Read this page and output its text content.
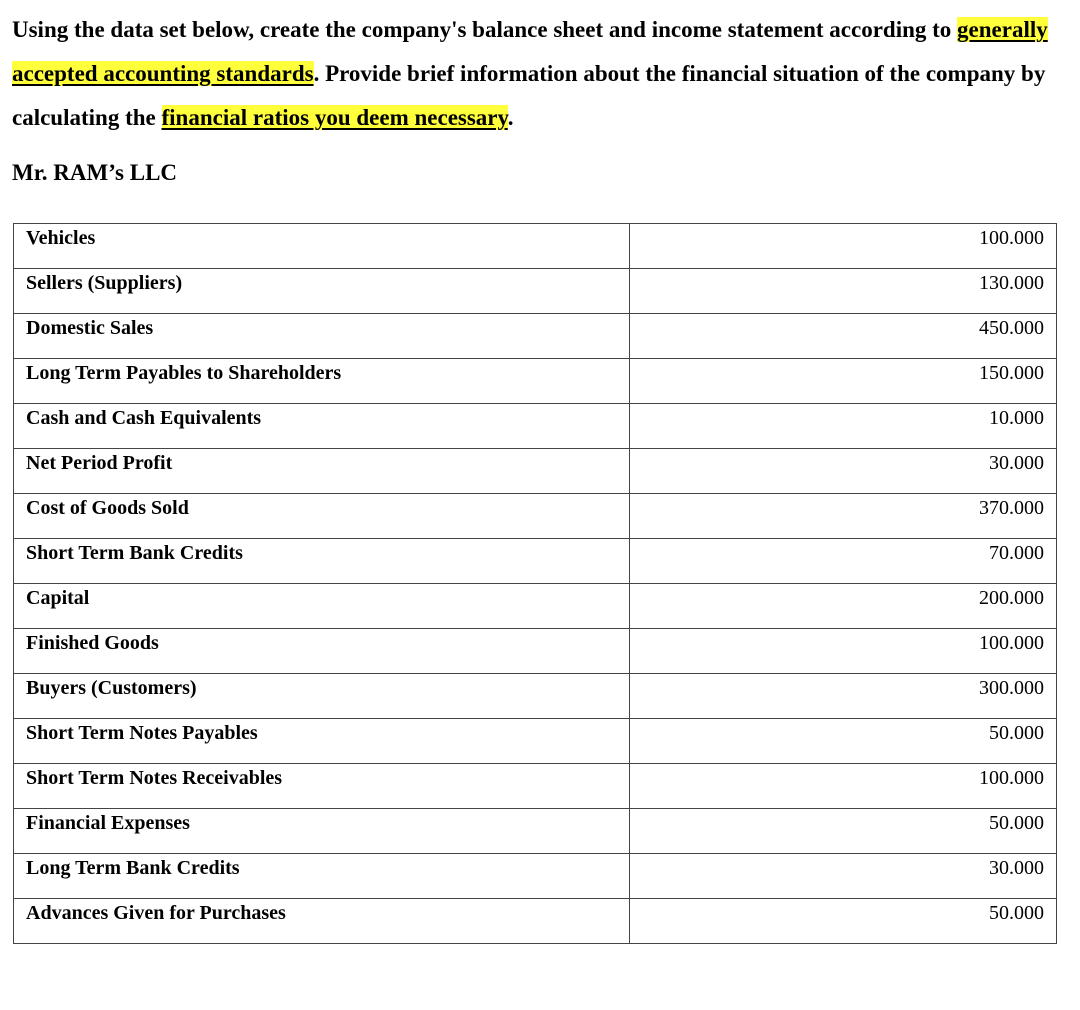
Using the data set below, create the company's balance sheet and income statement according to generally accepted accounting standards. Provide brief information about the financial situation of the company by calculating the financial ratios you deem necessary.

Mr. RAM’s LLC

Vehicles	100.000
Sellers (Suppliers)	130.000
Domestic Sales	450.000
Long Term Payables to Shareholders	150.000
Cash and Cash Equivalents	10.000
Net Period Profit	30.000
Cost of Goods Sold	370.000
Short Term Bank Credits	70.000
Capital	200.000
Finished Goods	100.000
Buyers (Customers)	300.000
Short Term Notes Payables	50.000
Short Term Notes Receivables	100.000
Financial Expenses	50.000
Long Term Bank Credits	30.000
Advances Given for Purchases	50.000
